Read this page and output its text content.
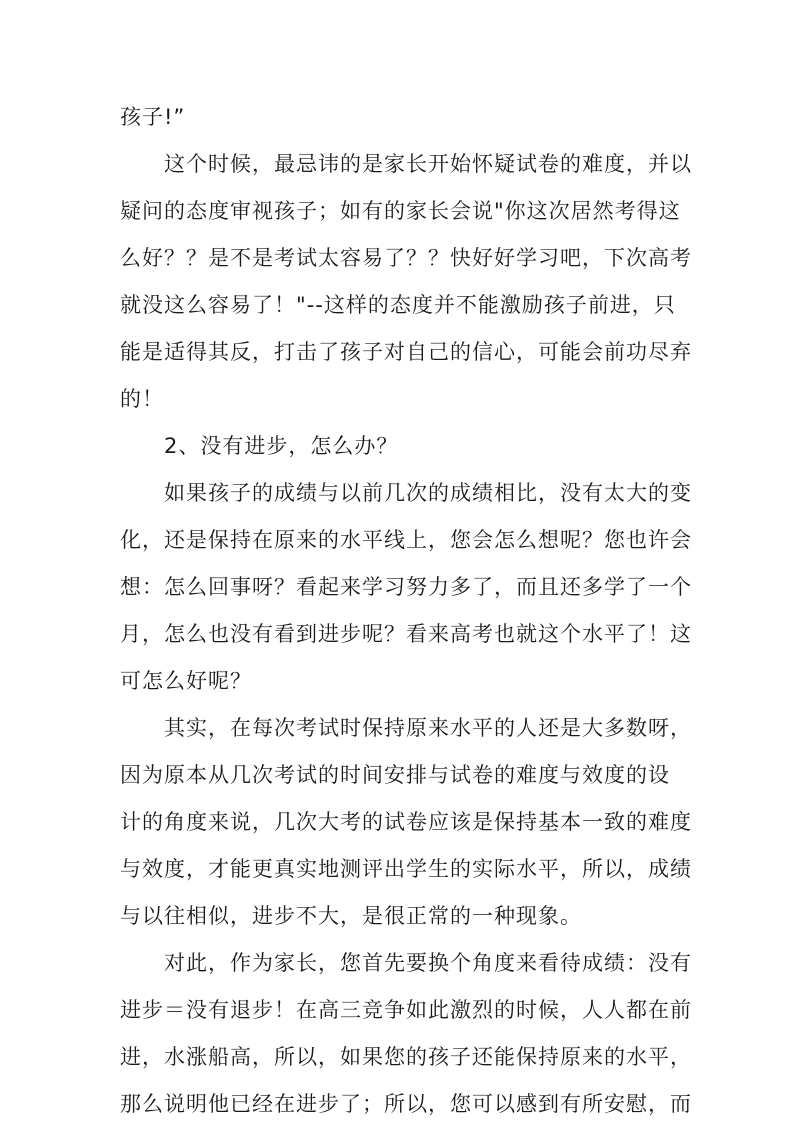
孩子!”

这个时候，最忌讳的是家长开始怀疑试卷的难度，并以

疑问的态度审视孩子；如有的家长会说"你这次居然考得这

么好？？是不是考试太容易了？？快好好学习吧，下次高考

就没这么容易了！"--这样的态度并不能激励孩子前进，只

能是适得其反，打击了孩子对自己的信心，可能会前功尽弃

的！

2、没有进步，怎么办？

如果孩子的成绩与以前几次的成绩相比，没有太大的变

化，还是保持在原来的水平线上，您会怎么想呢？您也许会

想：怎么回事呀？看起来学习努力多了，而且还多学了一个

月，怎么也没有看到进步呢？看来高考也就这个水平了！这

可怎么好呢？

其实，在每次考试时保持原来水平的人还是大多数呀，

因为原本从几次考试的时间安排与试卷的难度与效度的设

计的角度来说，几次大考的试卷应该是保持基本一致的难度

与效度，才能更真实地测评出学生的实际水平，所以，成绩

与以往相似，进步不大，是很正常的一种现象。

对此，作为家长，您首先要换个角度来看待成绩：没有

进步＝没有退步！在高三竞争如此激烈的时候，人人都在前

进，水涨船高，所以，如果您的孩子还能保持原来的水平，

那么说明他已经在进步了；所以，您可以感到有所安慰，而
